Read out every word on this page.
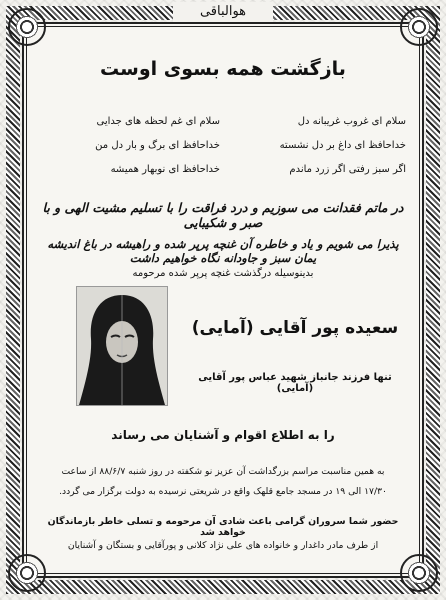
هوالباقی
بازگشت همه بسوی اوست
سلام ای غروب غریبانه دل
خداحافظ ای داغ بر دل نشسته
اگر سبز رفتی اگر زرد ماندم
سلام ای غم لحظه های جدایی
خداحافظ ای برگ و بار دل من
خداحافظ ای نوبهار همیشه
در ماتم فقدانت می سوزیم و درد فراقت را با تسلیم مشیت الهی و با صبر و شکیبایی
پذیرا می شویم و یاد و خاطره آن غنچه پرپر شده و راهیشه در باغ اندیشه یمان سبز و جاودانه نگاه خواهیم داشت
بدینوسیله درگذشت غنچه پرپر شده مرحومه
سعیده پور آقایی (آمایی)
تنها فرزند جانباز شهید عباس پور آقایی (آمایی)
را به اطلاع اقوام و آشنایان می رساند
به همین مناسبت مراسم بزرگداشت آن عزیز نو شکفته در روز شنبه ۸۸/۶/۷ از ساعت
۱۷/۳۰ الی ۱۹ در مسجد جامع قلهک واقع در شریعتی نرسیده به دولت برگزار می گردد.
حضور شما سروران گرامی باعث شادی آن مرحومه و تسلی خاطر بازماندگان خواهد شد
از طرف مادر داغدار و خانواده های علی نژاد کلانی و پورآقایی و بستگان و آشنایان
